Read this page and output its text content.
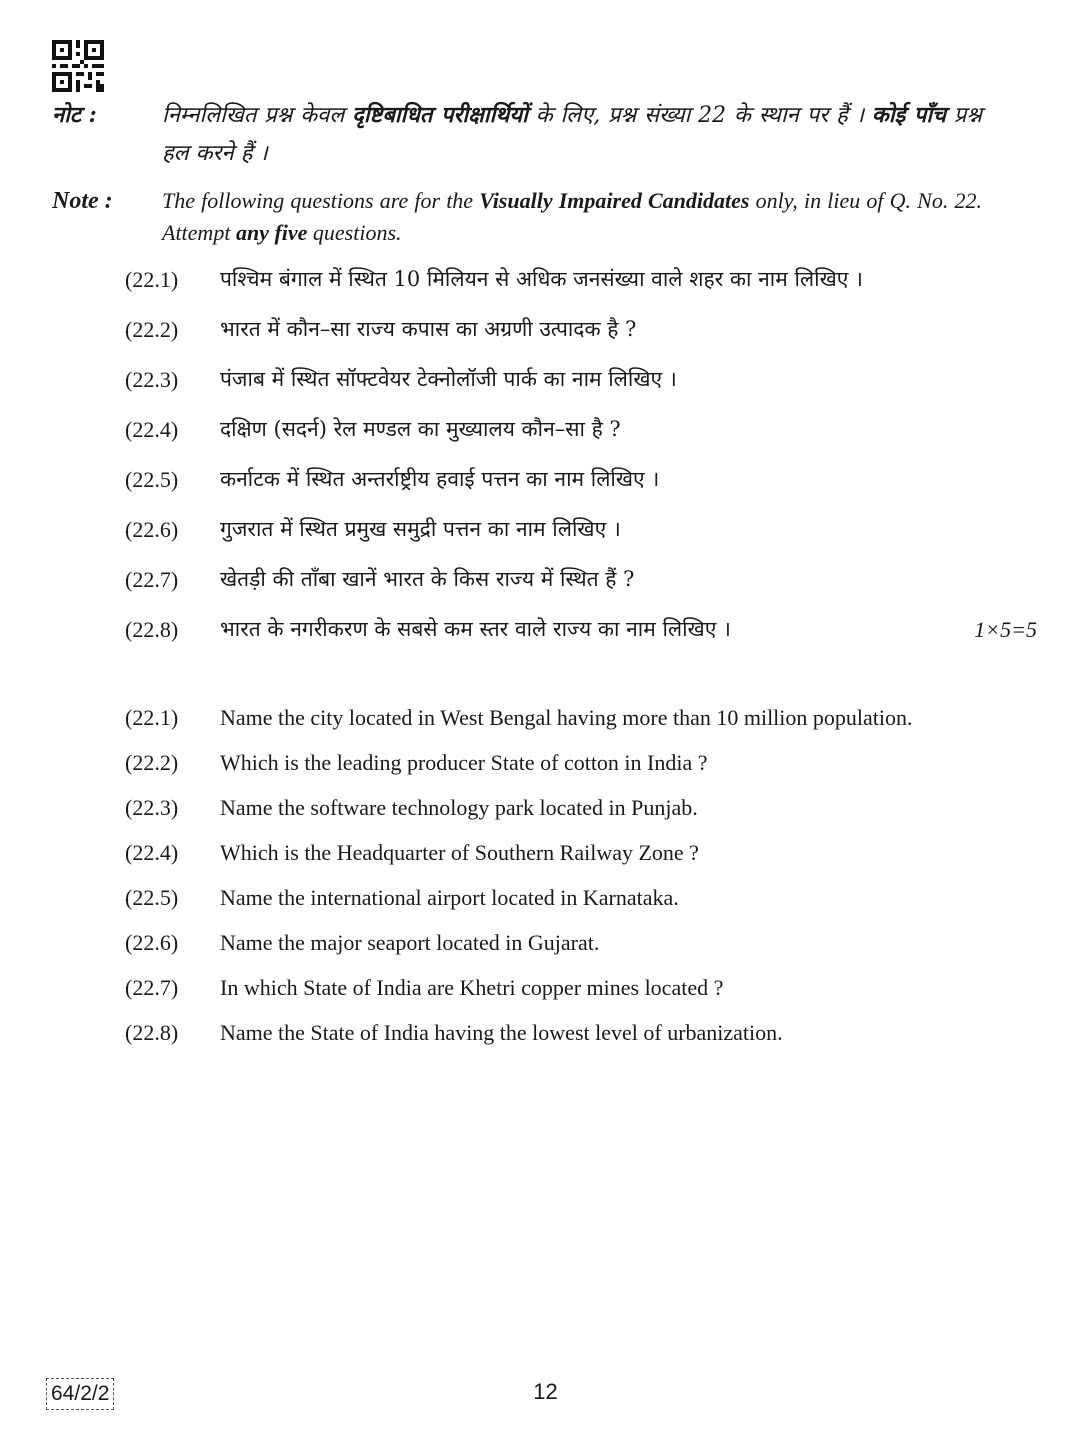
नोट :	निम्नलिखित प्रश्न केवल दृष्टिबाधित परीक्षार्थियों के लिए, प्रश्न संख्या 22 के स्थान पर हैं । कोई पाँच प्रश्न हल करने हैं ।
Note :	The following questions are for the Visually Impaired Candidates only, in lieu of Q. No. 22. Attempt any five questions.
(22.1)	पश्चिम बंगाल में स्थित 10 मिलियन से अधिक जनसंख्या वाले शहर का नाम लिखिए ।
(22.2)	भारत में कौन–सा राज्य कपास का अग्रणी उत्पादक है ?
(22.3)	पंजाब में स्थित सॉफ्टवेयर टेक्नोलॉजी पार्क का नाम लिखिए ।
(22.4)	दक्षिण (सदर्न) रेल मण्डल का मुख्यालय कौन–सा है ?
(22.5)	कर्नाटक में स्थित अन्तर्राष्ट्रीय हवाई पत्तन का नाम लिखिए ।
(22.6)	गुजरात में स्थित प्रमुख समुद्री पत्तन का नाम लिखिए ।
(22.7)	खेतड़ी की ताँबा खानें भारत के किस राज्य में स्थित हैं ?
(22.8)	भारत के नगरीकरण के सबसे कम स्तर वाले राज्य का नाम लिखिए ।	1×5=5
(22.1)	Name the city located in West Bengal having more than 10 million population.
(22.2)	Which is the leading producer State of cotton in India ?
(22.3)	Name the software technology park located in Punjab.
(22.4)	Which is the Headquarter of Southern Railway Zone ?
(22.5)	Name the international airport located in Karnataka.
(22.6)	Name the major seaport located in Gujarat.
(22.7)	In which State of India are Khetri copper mines located ?
(22.8)	Name the State of India having the lowest level of urbanization.
64/2/2	12
